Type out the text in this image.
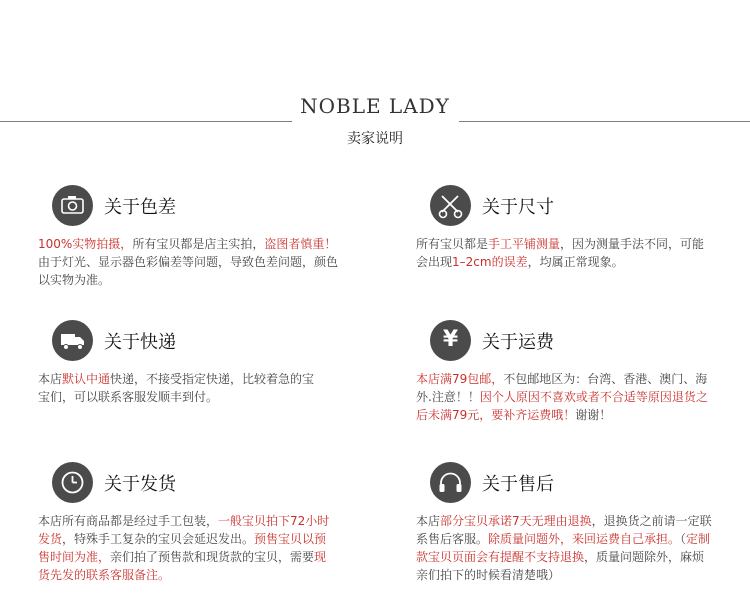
NOBLE LADY
卖家说明
关于色差
100%实物拍摄，所有宝贝都是店主实拍，盗图者慎重！由于灯光、显示器色彩偏差等问题，导致色差问题，颜色以实物为准。
关于尺寸
所有宝贝都是手工平铺测量，因为测量手法不同，可能会出现1–2cm的误差，均属正常现象。
关于快递
本店默认中通快递，不接受指定快递，比较着急的宝宝们，可以联系客服发顺丰到付。
¥	关于运费
本店满79包邮，不包邮地区为：台湾、香港、澳门、海外.注意！！因个人原因不喜欢或者不合适等原因退货之后未满79元，要补齐运费哦！谢谢！
关于发货
本店所有商品都是经过手工包装，一般宝贝拍下72小时发货，特殊手工复杂的宝贝会延迟发出。预售宝贝以预售时间为准，亲们拍了预售款和现货款的宝贝，需要现货先发的联系客服备注。
关于售后
本店部分宝贝承诺7天无理由退换，退换货之前请一定联系售后客服。除质量问题外，来回运费自己承担。（定制款宝贝页面会有提醒不支持退换，质量问题除外，麻烦亲们拍下的时候看清楚哦）
